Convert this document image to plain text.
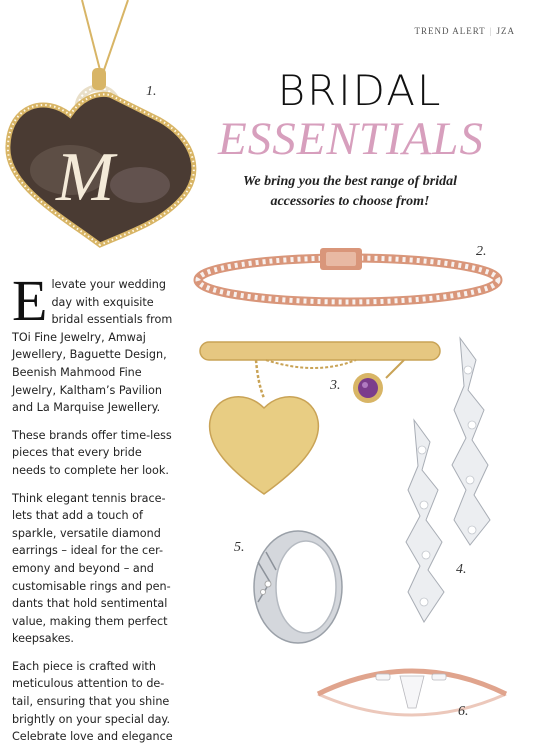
TREND ALERT | JZA
BRIDAL
ESSENTIALS
We bring you the best range of bridal
accessories to choose from!
M
1.
2.
3.
4.
5.
6.

Elevate your wedding day with exquisite bridal essentials from TOi Fine Jewelry, Amwaj Jewellery, Baguette Design, Beenish Mahmood Fine Jewelry, Kaltham’s Pavilion and La Marquise Jewellery.

These brands offer time-less pieces that every bride needs to complete her look.

Think elegant tennis brace-lets that add a touch of sparkle, versatile diamond earrings – ideal for the cer-emony and beyond – and customisable rings and pen-dants that hold sentimental value, making them perfect keepsakes.

Each piece is crafted with meticulous attention to de-tail, ensuring that you shine brightly on your special day. Celebrate love and elegance
